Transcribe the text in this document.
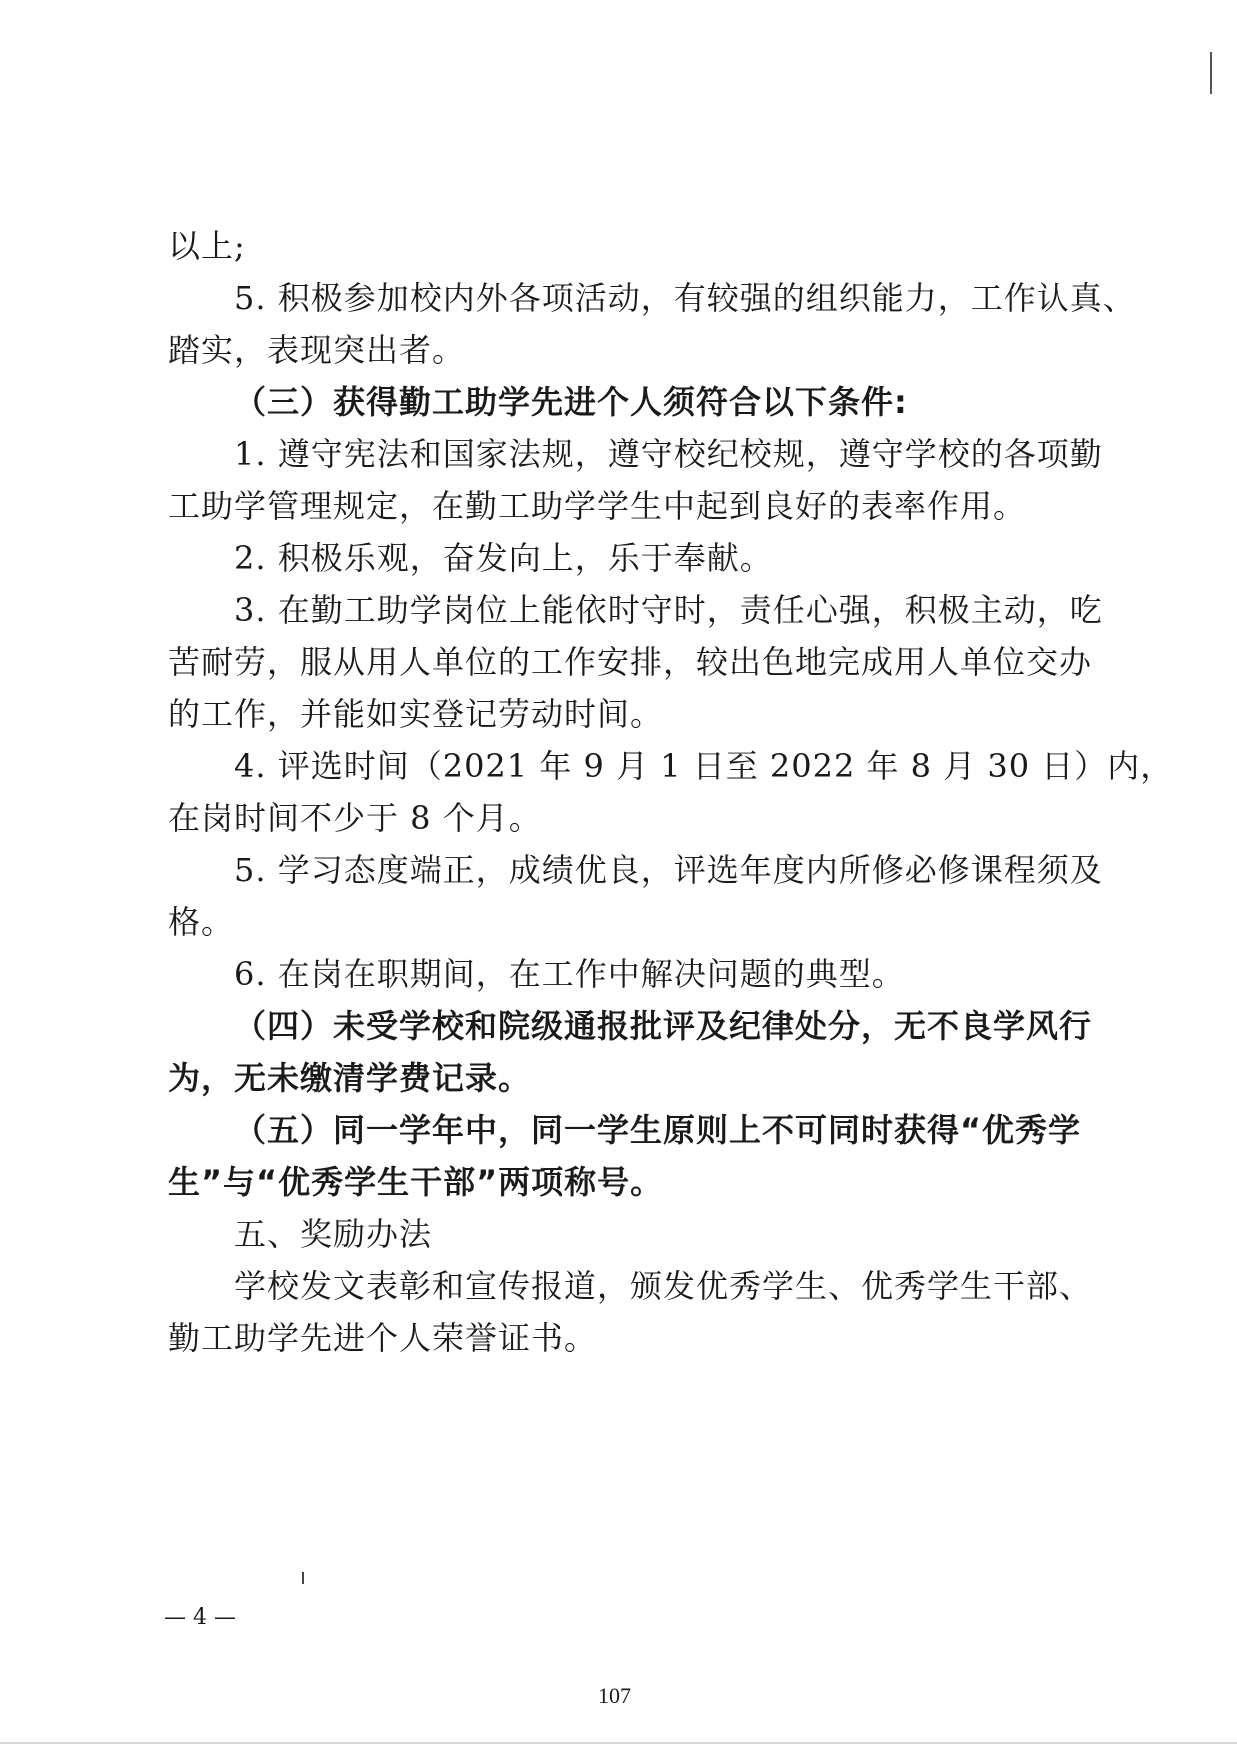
以上;
5. 积极参加校内外各项活动，有较强的组织能力，工作认真、
踏实，表现突出者。
（三）获得勤工助学先进个人须符合以下条件:
1. 遵守宪法和国家法规，遵守校纪校规，遵守学校的各项勤
工助学管理规定，在勤工助学学生中起到良好的表率作用。
2. 积极乐观，奋发向上，乐于奉献。
3. 在勤工助学岗位上能依时守时，责任心强，积极主动，吃
苦耐劳，服从用人单位的工作安排，较出色地完成用人单位交办
的工作，并能如实登记劳动时间。
4. 评选时间（2021 年 9 月 1 日至 2022 年 8 月 30 日）内，
在岗时间不少于 8 个月。
5. 学习态度端正，成绩优良，评选年度内所修必修课程须及
格。
6. 在岗在职期间，在工作中解决问题的典型。
（四）未受学校和院级通报批评及纪律处分，无不良学风行
为，无未缴清学费记录。
（五）同一学年中，同一学生原则上不可同时获得“优秀学
生”与“优秀学生干部”两项称号。
五、奖励办法
学校发文表彰和宣传报道，颁发优秀学生、优秀学生干部、
勤工助学先进个人荣誉证书。
— 4 —
107
